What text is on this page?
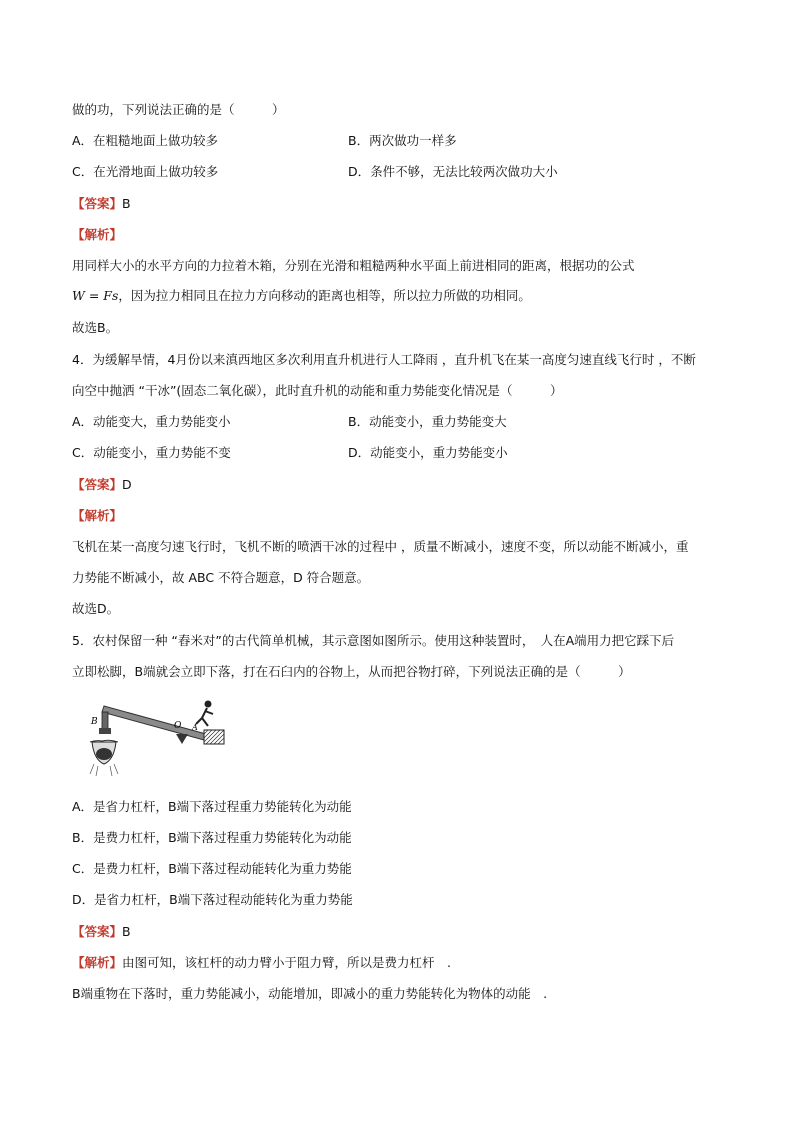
做的功，下列说法正确的是（　　　）
A．在粗糙地面上做功较多	B．两次做功一样多
C．在光滑地面上做功较多	D．条件不够，无法比较两次做功大小
【答案】B
【解析】
用同样大小的水平方向的力拉着木箱，分别在光滑和粗糙两种水平面上前进相同的距离，根据功的公式
W = Fs，因为拉力相同且在拉力方向移动的距离也相等，所以拉力所做的功相同。
故选B。
4．为缓解旱情，4月份以来滇西地区多次利用直升机进行人工降雨 ，直升机飞在某一高度匀速直线飞行时 ，不断
向空中抛洒 “干冰”(固态二氧化碳），此时直升机的动能和重力势能变化情况是（　　　）
A．动能变大，重力势能变小	B．动能变小，重力势能变大
C．动能变小，重力势能不变	D．动能变小，重力势能变小
【答案】D
【解析】
飞机在某一高度匀速飞行时，飞机不断的喷洒干冰的过程中 ，质量不断减小，速度不变，所以动能不断减小，重
力势能不断减小，故 ABC 不符合题意，D 符合题意。
故选D。
5．农村保留一种 “舂米对”的古代简单机械，其示意图如图所示。使用这种装置时，　人在A端用力把它踩下后
立即松脚，B端就会立即下落，打在石臼内的谷物上，从而把谷物打碎，下列说法正确的是（　　　）
B	O A
A．是省力杠杆，B端下落过程重力势能转化为动能
B．是费力杠杆，B端下落过程重力势能转化为动能
C．是费力杠杆，B端下落过程动能转化为重力势能
D．是省力杠杆，B端下落过程动能转化为重力势能
【答案】B
【解析】由图可知，该杠杆的动力臂小于阻力臂，所以是费力杠杆　.
B端重物在下落时，重力势能减小，动能增加，即减小的重力势能转化为物体的动能　.
